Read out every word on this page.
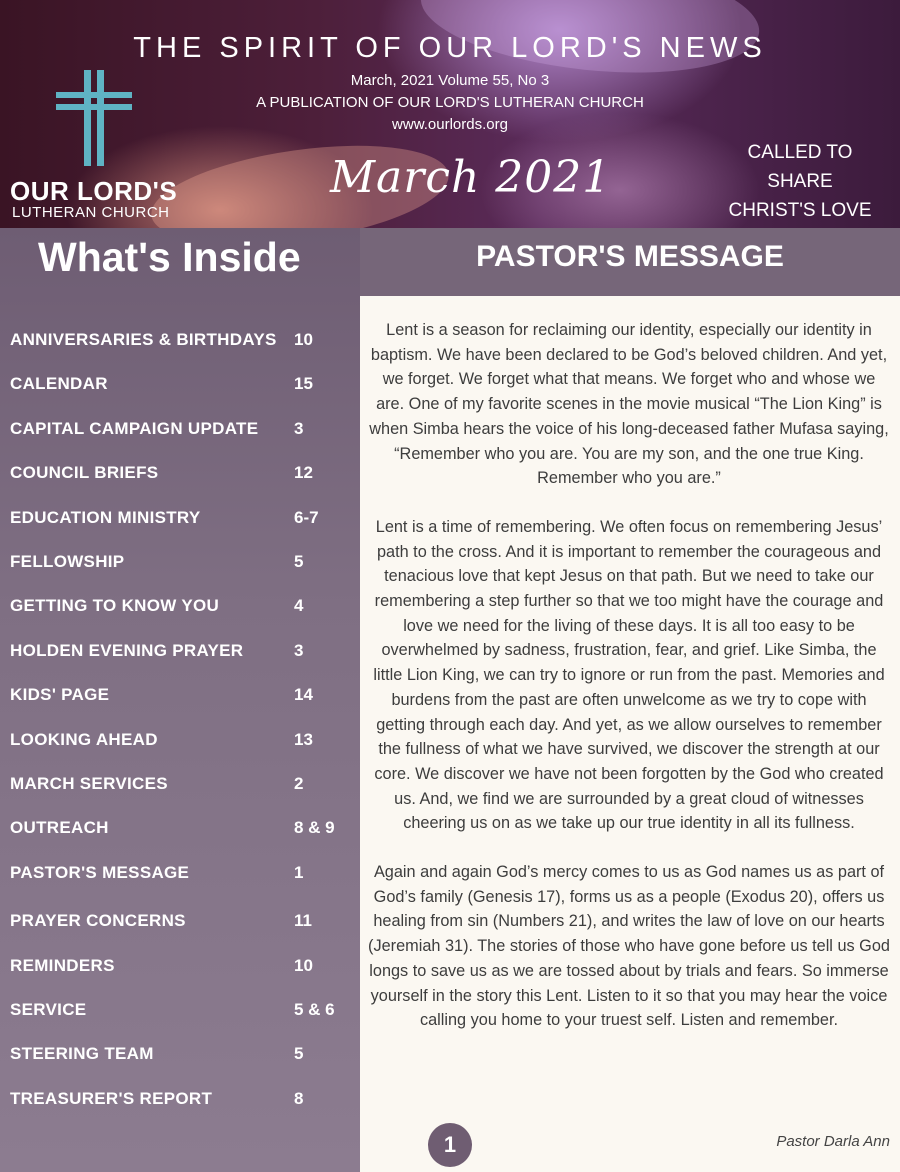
OUR LORD'S
LUTHERAN CHURCH
THE SPIRIT OF OUR LORD'S NEWS
March, 2021 Volume 55, No 3
A PUBLICATION OF OUR LORD'S LUTHERAN CHURCH
www.ourlords.org
March 2021	CALLED TO SHARE
CHRIST'S LOVE
What's Inside
ANNIVERSARIES & BIRTHDAYS 10
CALENDAR	15
CAPITAL CAMPAIGN UPDATE 3
COUNCIL BRIEFS	12
EDUCATION MINISTRY	6-7
FELLOWSHIP	5
GETTING TO KNOW YOU	4
HOLDEN EVENING PRAYER	3
KIDS' PAGE	14
LOOKING AHEAD	13
MARCH SERVICES	2
OUTREACH	8 & 9
PASTOR'S MESSAGE	1
PRAYER CONCERNS	11
REMINDERS	10
SERVICE	5 & 6
STEERING TEAM	5
TREASURER'S REPORT	8
PASTOR'S MESSAGE

Lent is a season for reclaiming our identity, especially our identity in baptism. We have been declared to be God’s beloved children. And yet, we forget. We forget what that means. We forget who and whose we are. One of my favorite scenes in the movie musical “The Lion King” is when Simba hears the voice of his long-deceased father Mufasa saying, “Remember who you are. You are my son, and the one true King. Remember who you are.”

Lent is a time of remembering. We often focus on remembering Jesus’ path to the cross. And it is important to remember the courageous and tenacious love that kept Jesus on that path. But we need to take our remembering a step further so that we too might have the courage and love we need for the living of these days. It is all too easy to be overwhelmed by sadness, frustration, fear, and grief. Like Simba, the little Lion King, we can try to ignore or run from the past. Memories and burdens from the past are often unwelcome as we try to cope with getting through each day. And yet, as we allow ourselves to remember the fullness of what we have survived, we discover the strength at our core. We discover we have not been forgotten by the God who created us. And, we find we are surrounded by a great cloud of witnesses cheering us on as we take up our true identity in all its fullness.

Again and again God’s mercy comes to us as God names us as part of God’s family (Genesis 17), forms us as a people (Exodus 20), offers us healing from sin (Numbers 21), and writes the law of love on our hearts (Jeremiah 31). The stories of those who have gone before us tell us God longs to save us as we are tossed about by trials and fears. So immerse yourself in the story this Lent. Listen to it so that you may hear the voice calling you home to your truest self. Listen and remember.

1	Pastor Darla Ann
